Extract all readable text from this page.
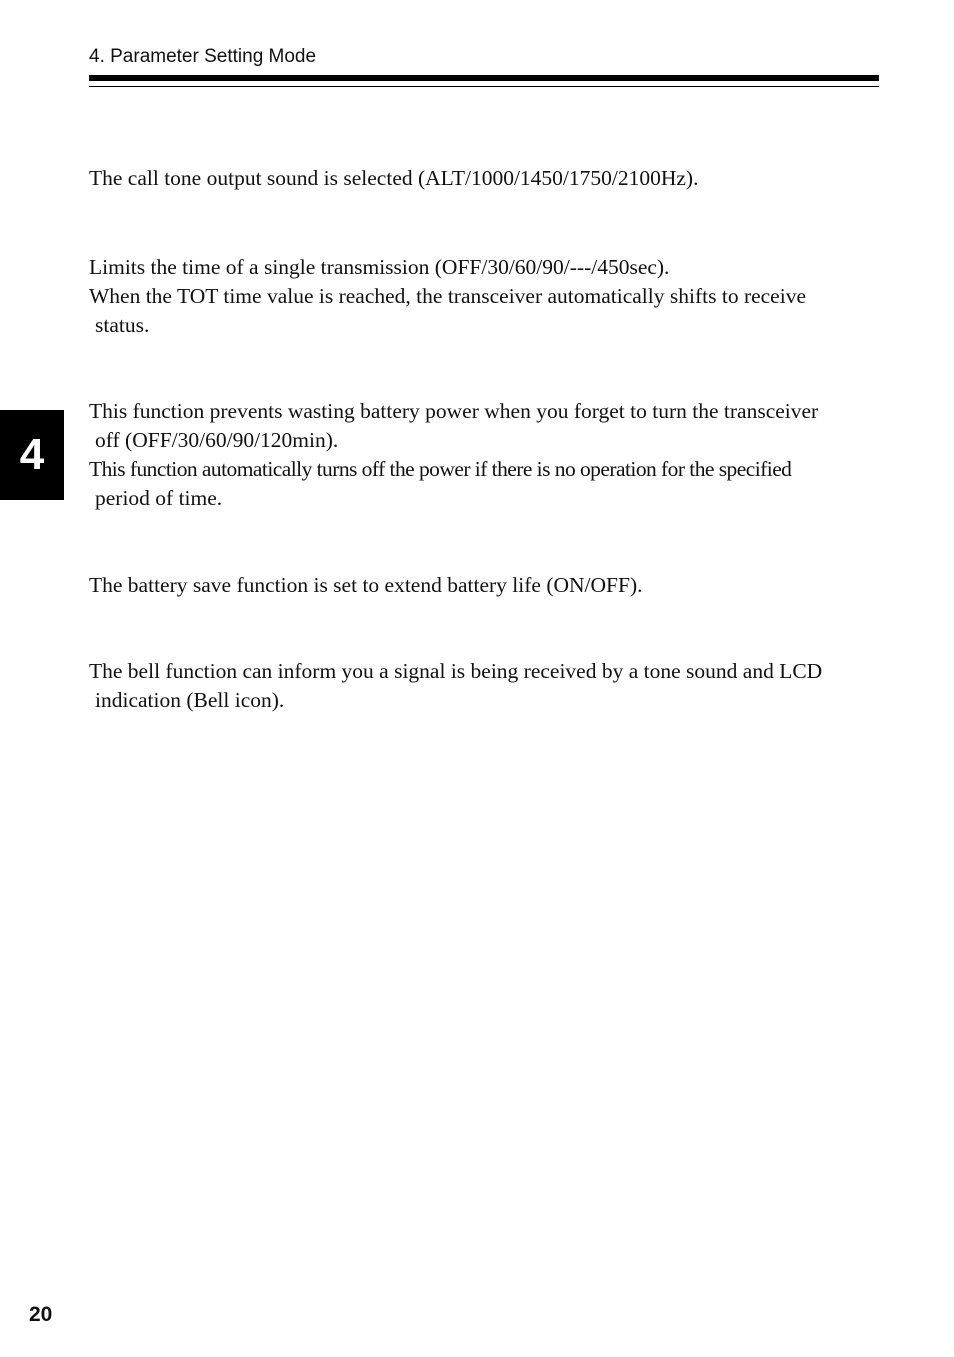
4. Parameter Setting Mode
4

The call tone output sound is selected (ALT/1000/1450/1750/2100Hz).

Limits the time of a single transmission (OFF/30/60/90/---/450sec).
When the TOT time value is reached, the transceiver automatically shifts to receive
status.

This function prevents wasting battery power when you forget to turn the transceiver
off (OFF/30/60/90/120min).
This function automatically turns off the power if there is no operation for the specified
period of time.

The battery save function is set to extend battery life (ON/OFF).

The bell function can inform you a signal is being received by a tone sound and LCD
indication (Bell icon).

20
